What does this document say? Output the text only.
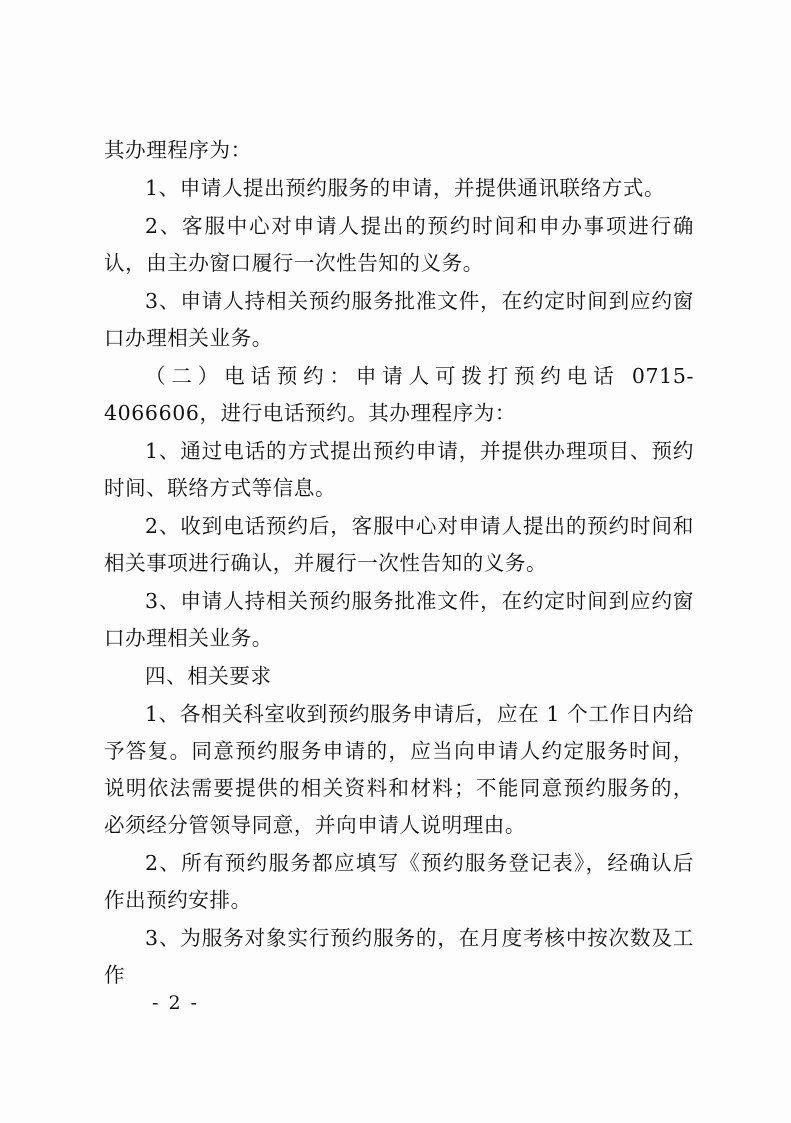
其办理程序为：

1、申请人提出预约服务的申请，并提供通讯联络方式。

2、客服中心对申请人提出的预约时间和申办事项进行确认，由主办窗口履行一次性告知的义务。

3、申请人持相关预约服务批准文件，在约定时间到应约窗口办理相关业务。

（二）电话预约：申请人可拨打预约电话 0715-4066606，进行电话预约。其办理程序为：

1、通过电话的方式提出预约申请，并提供办理项目、预约时间、联络方式等信息。

2、收到电话预约后，客服中心对申请人提出的预约时间和相关事项进行确认，并履行一次性告知的义务。

3、申请人持相关预约服务批准文件，在约定时间到应约窗口办理相关业务。

四、相关要求

1、各相关科室收到预约服务申请后，应在 1 个工作日内给予答复。同意预约服务申请的，应当向申请人约定服务时间，说明依法需要提供的相关资料和材料；不能同意预约服务的，必须经分管领导同意，并向申请人说明理由。

2、所有预约服务都应填写《预约服务登记表》，经确认后作出预约安排。

3、为服务对象实行预约服务的，在月度考核中按次数及工作

- 2 -
